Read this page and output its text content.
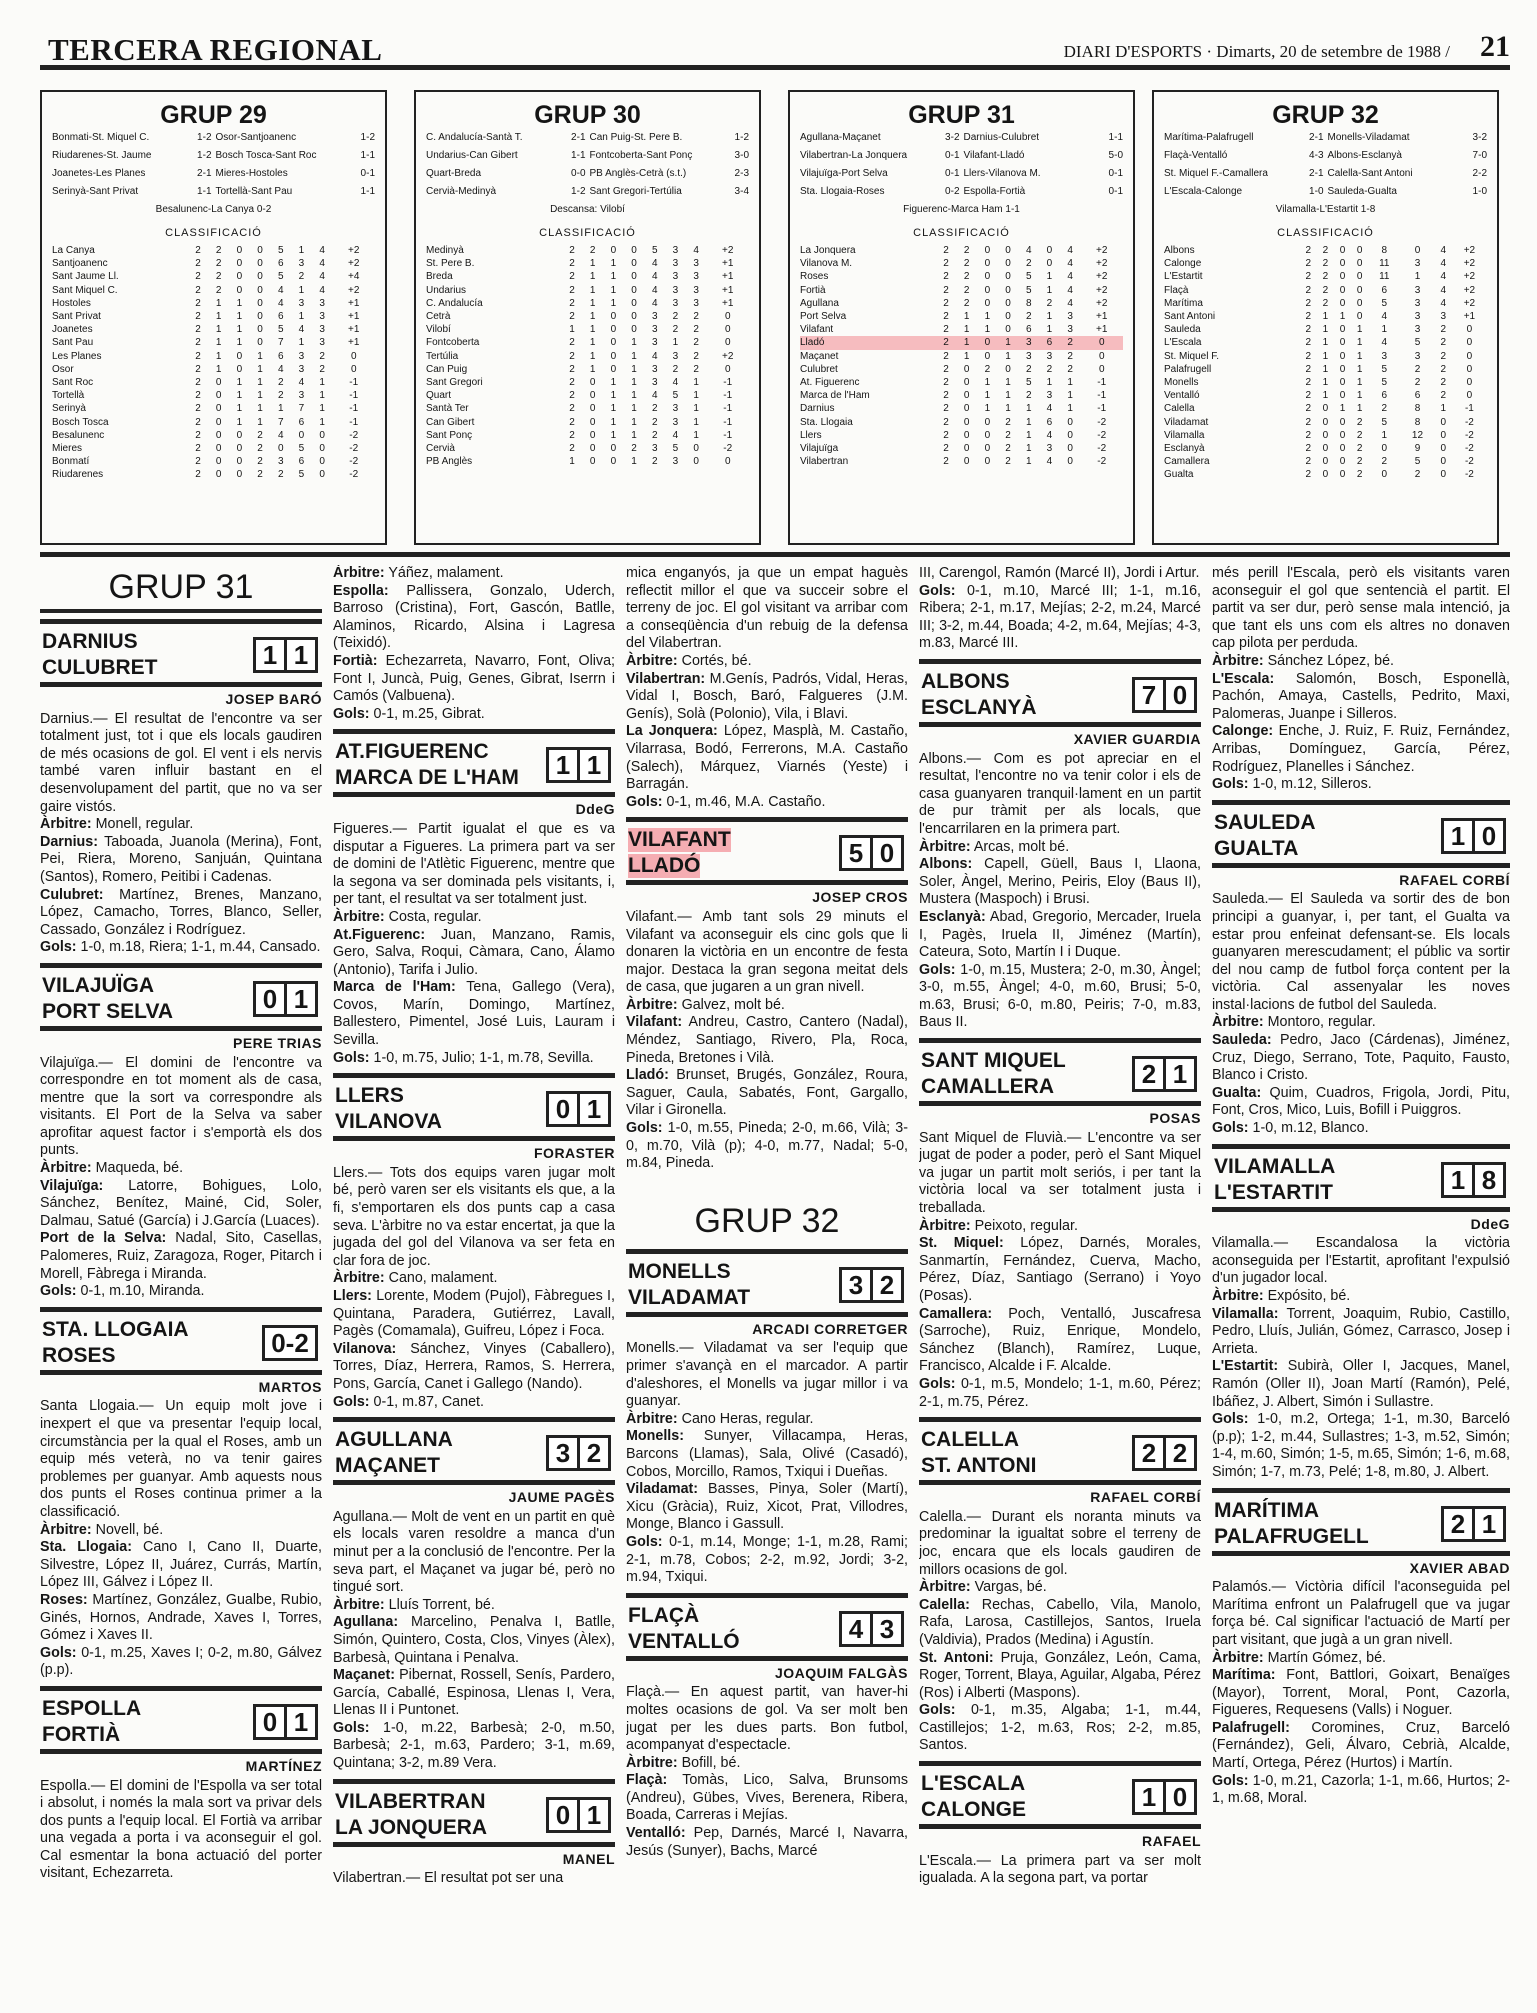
TERCERA REGIONAL	DIARI D'ESPORTS · Dimarts, 20 de setembre de 1988 / 21
GRUP 29
Bonmati-St. Miquel C.	1-2 Osor-Santjoanenc	1-2
Riudarenes-St. Jaume	1-2 Bosch Tosca-Sant Roc	1-1
Joanetes-Les Planes	2-1 Mieres-Hostoles	0-1
Serinyà-Sant Privat	1-1 Tortellà-Sant Pau	1-1
Besalunenc-La Canya 0-2
CLASSIFICACIÓ
La Canya	2	2	0	0	5	1	4	+2
Santjoanenc	2	2	0	0	6	3	4	+2
Sant Jaume Ll.	2	2	0	0	5	2	4	+4
Sant Miquel C.	2	2	0	0	4	1	4	+2
Hostoles	2	1	1	0	4	3	3	+1
Sant Privat	2	1	1	0	6	1	3	+1
Joanetes	2	1	1	0	5	4	3	+1
Sant Pau	2	1	1	0	7	1	3	+1
Les Planes	2	1	0	1	6	3	2	0
Osor	2	1	0	1	4	3	2	0
Sant Roc	2	0	1	1	2	4	1	-1
Tortellà	2	0	1	1	2	3	1	-1
Serinyà	2	0	1	1	1	7	1	-1
Bosch Tosca	2	0	1	1	7	6	1	-1
Besalunenc	2	0	0	2	4	0	0	-2
Mieres	2	0	0	2	0	5	0	-2
Bonmatí	2	0	0	2	3	6	0	-2
Riudarenes	2	0	0	2	2	5	0	-2
GRUP 30
C. Andalucía-Santà T.	2-1 Can Puig-St. Pere B.	1-2
Undarius-Can Gibert	1-1 Fontcoberta-Sant Ponç	3-0
Quart-Breda	0-0 PB Anglès-Cetrà (s.t.)	2-3
Cervià-Medinyà	1-2 Sant Gregori-Tertúlia	3-4
Descansa: Vilobí
CLASSIFICACIÓ
Medinyà	2	2	0	0	5	3	4	+2
St. Pere B.	2	1	1	0	4	3	3	+1
Breda	2	1	1	0	4	3	3	+1
Undarius	2	1	1	0	4	3	3	+1
C. Andalucía	2	1	1	0	4	3	3	+1
Cetrà	2	1	0	0	3	2	2	0
Vilobí	1	1	0	0	3	2	2	0
Fontcoberta	2	1	0	1	3	1	2	0
Tertúlia	2	1	0	1	4	3	2	+2
Can Puig	2	1	0	1	3	2	2	0
Sant Gregori	2	0	1	1	3	4	1	-1
Quart	2	0	1	1	4	5	1	-1
Santà Ter	2	0	1	1	2	3	1	-1
Can Gibert	2	0	1	1	2	3	1	-1
Sant Ponç	2	0	1	1	2	4	1	-1
Cervià	2	0	0	2	3	5	0	-2
PB Anglès	1	0	0	1	2	3	0	0
GRUP 31
Agullana-Maçanet	3-2 Darnius-Culubret	1-1
Vilabertran-La Jonquera	0-1 Vilafant-Lladó	5-0
Vilajuïga-Port Selva	0-1 Llers-Vilanova M.	0-1
Sta. Llogaia-Roses	0-2 Espolla-Fortià	0-1
Figuerenc-Marca Ham 1-1
CLASSIFICACIÓ
La Jonquera	2	2	0	0	4	0	4	+2
Vilanova M.	2	2	0	0	2	0	4	+2
Roses	2	2	0	0	5	1	4	+2
Fortià	2	2	0	0	5	1	4	+2
Agullana	2	2	0	0	8	2	4	+2
Port Selva	2	1	1	0	2	1	3	+1
Vilafant	2	1	1	0	6	1	3	+1
Lladó	2	1	0	1	3	6	2	0
Maçanet	2	1	0	1	3	3	2	0
Culubret	2	0	2	0	2	2	2	0
At. Figuerenc	2	0	1	1	5	1	1	-1
Marca de l'Ham	2	0	1	1	2	3	1	-1
Darnius	2	0	1	1	1	4	1	-1
Sta. Llogaia	2	0	0	2	1	6	0	-2
Llers	2	0	0	2	1	4	0	-2
Vilajuïga	2	0	0	2	1	3	0	-2
Vilabertran	2	0	0	2	1	4	0	-2
GRUP 32
Marítima-Palafrugell	2-1 Monells-Viladamat	3-2
Flaçà-Ventalló	4-3 Albons-Esclanyà	7-0
St. Miquel F.-Camallera	2-1 Calella-Sant Antoni	2-2
L'Escala-Calonge	1-0 Sauleda-Gualta	1-0
Vilamalla-L'Estartit 1-8
CLASSIFICACIÓ
Albons	2	2	0	0	8	0	4	+2
Calonge	2	2	0	0	11	3	4	+2
L'Estartit	2	2	0	0	11	1	4	+2
Flaçà	2	2	0	0	6	3	4	+2
Marítima	2	2	0	0	5	3	4	+2
Sant Antoni	2	1	1	0	4	3	3	+1
Sauleda	2	1	0	1	1	3	2	0
L'Escala	2	1	0	1	4	5	2	0
St. Miquel F.	2	1	0	1	3	3	2	0
Palafrugell	2	1	0	1	5	2	2	0
Monells	2	1	0	1	5	2	2	0
Ventalló	2	1	0	1	6	6	2	0
Calella	2	0	1	1	2	8	1	-1
Viladamat	2	0	0	2	5	8	0	-2
Vilamalla	2	0	0	2	1	12	0	-2
Esclanyà	2	0	0	2	0	9	0	-2
Camallera	2	0	0	2	2	5	0	-2
Gualta	2	0	0	2	0	2	0	-2
GRUP 31
DARNIUS
CULUBRET	1 1
JOSEP BARÓ

Darnius.— El resultat de l'encontre va ser totalment just, tot i que els locals gaudiren de més ocasions de gol. El vent i els nervis també varen influir bastant en el desenvolupament del partit, que no va ser gaire vistós.

Àrbitre: Monell, regular.

Darnius: Taboada, Juanola (Merina), Font, Pei, Riera, Moreno, Sanjuán, Quintana (Santos), Romero, Peitibi i Cadenas.

Culubret: Martínez, Brenes, Manzano, López, Camacho, Torres, Blanco, Seller, Cassado, González i Rodríguez.

Gols: 1-0, m.18, Riera; 1-1, m.44, Cansado.

VILAJUÏGA
PORT SELVA	0 1
PERE TRIAS

Vilajuïga.— El domini de l'encontre va correspondre en tot moment als de casa, mentre que la sort va correspondre als visitants. El Port de la Selva va saber aprofitar aquest factor i s'emportà els dos punts.

Àrbitre: Maqueda, bé.

Vilajuïga: Latorre, Bohigues, Lolo, Sánchez, Benítez, Mainé, Cid, Soler, Dalmau, Satué (García) i J.García (Luaces).

Port de la Selva: Nadal, Sito, Casellas, Palomeres, Ruiz, Zaragoza, Roger, Pitarch i Morell, Fàbrega i Miranda.

Gols: 0-1, m.10, Miranda.

STA. LLOGAIA
ROSES	0-2
MARTOS

Santa Llogaia.— Un equip molt jove i inexpert el que va presentar l'equip local, circumstància per la qual el Roses, amb un equip més veterà, no va tenir gaires problemes per guanyar. Amb aquests nous dos punts el Roses continua primer a la classificació.

Àrbitre: Novell, bé.

Sta. Llogaia: Cano I, Cano II, Duarte, Silvestre, López II, Juárez, Currás, Martín, López III, Gálvez i López II.

Roses: Martínez, González, Gualbe, Rubio, Ginés, Hornos, Andrade, Xaves I, Torres, Gómez i Xaves II.

Gols: 0-1, m.25, Xaves I; 0-2, m.80, Gálvez (p.p).

ESPOLLA
FORTIÀ	0 1
MARTÍNEZ

Espolla.— El domini de l'Espolla va ser total i absolut, i només la mala sort va privar dels dos punts a l'equip local. El Fortià va arribar una vegada a porta i va aconseguir el gol. Cal esmentar la bona actuació del porter visitant, Echezarreta.

Àrbitre: Yáñez, malament.

Espolla: Pallissera, Gonzalo, Uderch, Barroso (Cristina), Fort, Gascón, Batlle, Alaminos, Ricardo, Alsina i Lagresa (Teixidó).

Fortià: Echezarreta, Navarro, Font, Oliva; Font I, Juncà, Puig, Genes, Gibrat, Iserrn i Camós (Valbuena).

Gols: 0-1, m.25, Gibrat.

AT.FIGUERENC
MARCA DE L'HAM	1 1
DdeG

Figueres.— Partit igualat el que es va disputar a Figueres. La primera part va ser de domini de l'Atlètic Figuerenc, mentre que la segona va ser dominada pels visitants, i, per tant, el resultat va ser totalment just.

Àrbitre: Costa, regular.

At.Figuerenc: Juan, Manzano, Ramis, Gero, Salva, Roqui, Càmara, Cano, Álamo (Antonio), Tarifa i Julio.

Marca de l'Ham: Tena, Gallego (Vera), Covos, Marín, Domingo, Martínez, Ballestero, Pimentel, José Luis, Lauram i Sevilla.

Gols: 1-0, m.75, Julio; 1-1, m.78, Sevilla.

LLERS
VILANOVA	0 1
FORASTER

Llers.— Tots dos equips varen jugar molt bé, però varen ser els visitants els que, a la fi, s'emportaren els dos punts cap a casa seva. L'àrbitre no va estar encertat, ja que la jugada del gol del Vilanova va ser feta en clar fora de joc.

Àrbitre: Cano, malament.

Llers: Lorente, Modem (Pujol), Fàbregues I, Quintana, Paradera, Gutiérrez, Lavall, Pagès (Comamala), Guifreu, López i Foca.

Vilanova: Sánchez, Vinyes (Caballero), Torres, Díaz, Herrera, Ramos, S. Herrera, Pons, García, Canet i Gallego (Nando).

Gols: 0-1, m.87, Canet.

AGULLANA
MAÇANET	3 2
JAUME PAGÈS

Agullana.— Molt de vent en un partit en què els locals varen resoldre a manca d'un minut per a la conclusió de l'encontre. Per la seva part, el Maçanet va jugar bé, però no tingué sort.

Àrbitre: Lluís Torrent, bé.

Agullana: Marcelino, Penalva I, Batlle, Simón, Quintero, Costa, Clos, Vinyes (Àlex), Barbesà, Quintana i Penalva.

Maçanet: Pibernat, Rossell, Senís, Pardero, García, Caballé, Espinosa, Llenas I, Vera, Llenas II i Puntonet.

Gols: 1-0, m.22, Barbesà; 2-0, m.50, Barbesà; 2-1, m.63, Pardero; 3-1, m.69, Quintana; 3-2, m.89 Vera.

VILABERTRAN
LA JONQUERA	0 1
MANEL

Vilabertran.— El resultat pot ser una

mica enganyós, ja que un empat haguès reflectit millor el que va succeir sobre el terreny de joc. El gol visitant va arribar com a conseqüència d'un rebuig de la defensa del Vilabertran.

Àrbitre: Cortés, bé.

Vilabertran: M.Genís, Padrós, Vidal, Heras, Vidal I, Bosch, Baró, Falgueres (J.M. Genís), Solà (Polonio), Vila, i Blavi.

La Jonquera: López, Masplà, M. Castaño, Vilarrasa, Bodó, Ferrerons, M.A. Castaño (Salech), Márquez, Viarnés (Yeste) i Barragán.

Gols: 0-1, m.46, M.A. Castaño.

VILAFANT
LLADÓ	5 0
JOSEP CROS

Vilafant.— Amb tant sols 29 minuts el Vilafant va aconseguir els cinc gols que li donaren la victòria en un encontre de festa major. Destaca la gran segona meitat dels de casa, que jugaren a un gran nivell.

Àrbitre: Galvez, molt bé.

Vilafant: Andreu, Castro, Cantero (Nadal), Méndez, Santiago, Rivero, Pla, Roca, Pineda, Bretones i Vilà.

Lladó: Brunset, Brugés, González, Roura, Saguer, Caula, Sabatés, Font, Gargallo, Vilar i Gironella.

Gols: 1-0, m.55, Pineda; 2-0, m.66, Vilà; 3-0, m.70, Vilà (p); 4-0, m.77, Nadal; 5-0, m.84, Pineda.

GRUP 32
MONELLS
VILADAMAT	3 2
ARCADI CORRETGER

Monells.— Viladamat va ser l'equip que primer s'avançà en el marcador. A partir d'aleshores, el Monells va jugar millor i va guanyar.

Àrbitre: Cano Heras, regular.

Monells: Sunyer, Villacampa, Heras, Barcons (Llamas), Sala, Olivé (Casadó), Cobos, Morcillo, Ramos, Txiqui i Dueñas.

Viladamat: Basses, Pinya, Soler (Martí), Xicu (Gràcia), Ruiz, Xicot, Prat, Villodres, Monge, Blanco i Gassull.

Gols: 0-1, m.14, Monge; 1-1, m.28, Rami; 2-1, m.78, Cobos; 2-2, m.92, Jordi; 3-2, m.94, Txiqui.

FLAÇÀ
VENTALLÓ	4 3
JOAQUIM FALGÀS

Flaçà.— En aquest partit, van haver-hi moltes ocasions de gol. Va ser molt ben jugat per les dues parts. Bon futbol, acompanyat d'espectacle.

Àrbitre: Bofill, bé.

Flaçà: Tomàs, Lico, Salva, Brunsoms (Andreu), Gübes, Vives, Berenera, Ribera, Boada, Carreras i Mejías.

Ventalló: Pep, Darnés, Marcé I, Navarra, Jesús (Sunyer), Bachs, Marcé

III, Carengol, Ramón (Marcé II), Jordi i Artur.

Gols: 0-1, m.10, Marcé III; 1-1, m.16, Ribera; 2-1, m.17, Mejías; 2-2, m.24, Marcé III; 3-2, m.44, Boada; 4-2, m.64, Mejías; 4-3, m.83, Marcé III.

ALBONS
ESCLANYÀ	7 0
XAVIER GUARDIA

Albons.— Com es pot apreciar en el resultat, l'encontre no va tenir color i els de casa guanyaren tranquil·lament en un partit de pur tràmit per als locals, que l'encarrilaren en la primera part.

Àrbitre: Arcas, molt bé.

Albons: Capell, Güell, Baus I, Llaona, Soler, Àngel, Merino, Peiris, Eloy (Baus II), Mustera (Maspoch) i Brusi.

Esclanyà: Abad, Gregorio, Mercader, Iruela I, Pagès, Iruela II, Jiménez (Martín), Cateura, Soto, Martín I i Duque.

Gols: 1-0, m.15, Mustera; 2-0, m.30, Àngel; 3-0, m.55, Àngel; 4-0, m.60, Brusi; 5-0, m.63, Brusi; 6-0, m.80, Peiris; 7-0, m.83, Baus II.

SANT MIQUEL
CAMALLERA	2 1
POSAS

Sant Miquel de Fluvià.— L'encontre va ser jugat de poder a poder, però el Sant Miquel va jugar un partit molt seriós, i per tant la victòria local va ser totalment justa i treballada.

Àrbitre: Peixoto, regular.

St. Miquel: López, Darnés, Morales, Sanmartín, Fernández, Cuerva, Macho, Pérez, Díaz, Santiago (Serrano) i Yoyo (Posas).

Camallera: Poch, Ventalló, Juscafresa (Sarroche), Ruiz, Enrique, Mondelo, Sánchez (Blanch), Ramírez, Luque, Francisco, Alcalde i F. Alcalde.

Gols: 0-1, m.5, Mondelo; 1-1, m.60, Pérez; 2-1, m.75, Pérez.

CALELLA
ST. ANTONI	2 2
RAFAEL CORBÍ

Calella.— Durant els noranta minuts va predominar la igualtat sobre el terreny de joc, encara que els locals gaudiren de millors ocasions de gol.

Àrbitre: Vargas, bé.

Calella: Rechas, Cabello, Vila, Manolo, Rafa, Larosa, Castillejos, Santos, Iruela (Valdivia), Prados (Medina) i Agustín.

St. Antoni: Pruja, González, León, Cama, Roger, Torrent, Blaya, Aguilar, Algaba, Pérez (Ros) i Alberti (Maspons).

Gols: 0-1, m.35, Algaba; 1-1, m.44, Castillejos; 1-2, m.63, Ros; 2-2, m.85, Santos.

L'ESCALA
CALONGE	1 0
RAFAEL

L'Escala.— La primera part va ser molt igualada. A la segona part, va portar

més perill l'Escala, però els visitants varen aconseguir el gol que sentencià el partit. El partit va ser dur, però sense mala intenció, ja que tant els uns com els altres no donaven cap pilota per perduda.

Àrbitre: Sánchez López, bé.

L'Escala: Salomón, Bosch, Esponellà, Pachón, Amaya, Castells, Pedrito, Maxi, Palomeras, Juanpe i Silleros.

Calonge: Enche, J. Ruiz, F. Ruiz, Fernández, Arribas, Domínguez, García, Pérez, Rodríguez, Planelles i Sánchez.

Gols: 1-0, m.12, Silleros.

SAULEDA
GUALTA	1 0
RAFAEL CORBÍ

Sauleda.— El Sauleda va sortir des de bon principi a guanyar, i, per tant, el Gualta va estar prou enfeinat defensant-se. Els locals guanyaren merescudament; el públic va sortir del nou camp de futbol força content per la victòria. Cal assenyalar les noves instal·lacions de futbol del Sauleda.

Àrbitre: Montoro, regular.

Sauleda: Pedro, Jaco (Cárdenas), Jiménez, Cruz, Diego, Serrano, Tote, Paquito, Fausto, Blanco i Cristo.

Gualta: Quim, Cuadros, Frigola, Jordi, Pitu, Font, Cros, Mico, Luis, Bofill i Puiggros.

Gols: 1-0, m.12, Blanco.

VILAMALLA
L'ESTARTIT	1 8
DdeG

Vilamalla.— Escandalosa la victòria aconseguida per l'Estartit, aprofitant l'expulsió d'un jugador local.

Àrbitre: Expósito, bé.

Vilamalla: Torrent, Joaquim, Rubio, Castillo, Pedro, Lluís, Julián, Gómez, Carrasco, Josep i Arrieta.

L'Estartit: Subirà, Oller I, Jacques, Manel, Ramón (Oller II), Joan Martí (Ramón), Pelé, Ibáñez, J. Albert, Simón i Sullastre.

Gols: 1-0, m.2, Ortega; 1-1, m.30, Barceló (p.p); 1-2, m.44, Sullastres; 1-3, m.52, Simón; 1-4, m.60, Simón; 1-5, m.65, Simón; 1-6, m.68, Simón; 1-7, m.73, Pelé; 1-8, m.80, J. Albert.

MARÍTIMA
PALAFRUGELL	2 1
XAVIER ABAD

Palamós.— Victòria difícil l'aconseguida pel Marítima enfront un Palafrugell que va jugar força bé. Cal significar l'actuació de Martí per part visitant, que jugà a un gran nivell.

Àrbitre: Martín Gómez, bé.

Marítima: Font, Battlori, Goixart, Benaïges (Mayor), Torrent, Moral, Pont, Cazorla, Figueres, Requesens (Valls) i Noguer.

Palafrugell: Coromines, Cruz, Barceló (Fernández), Geli, Álvaro, Cebrià, Alcalde, Martí, Ortega, Pérez (Hurtos) i Martín.

Gols: 1-0, m.21, Cazorla; 1-1, m.66, Hurtos; 2-1, m.68, Moral.
